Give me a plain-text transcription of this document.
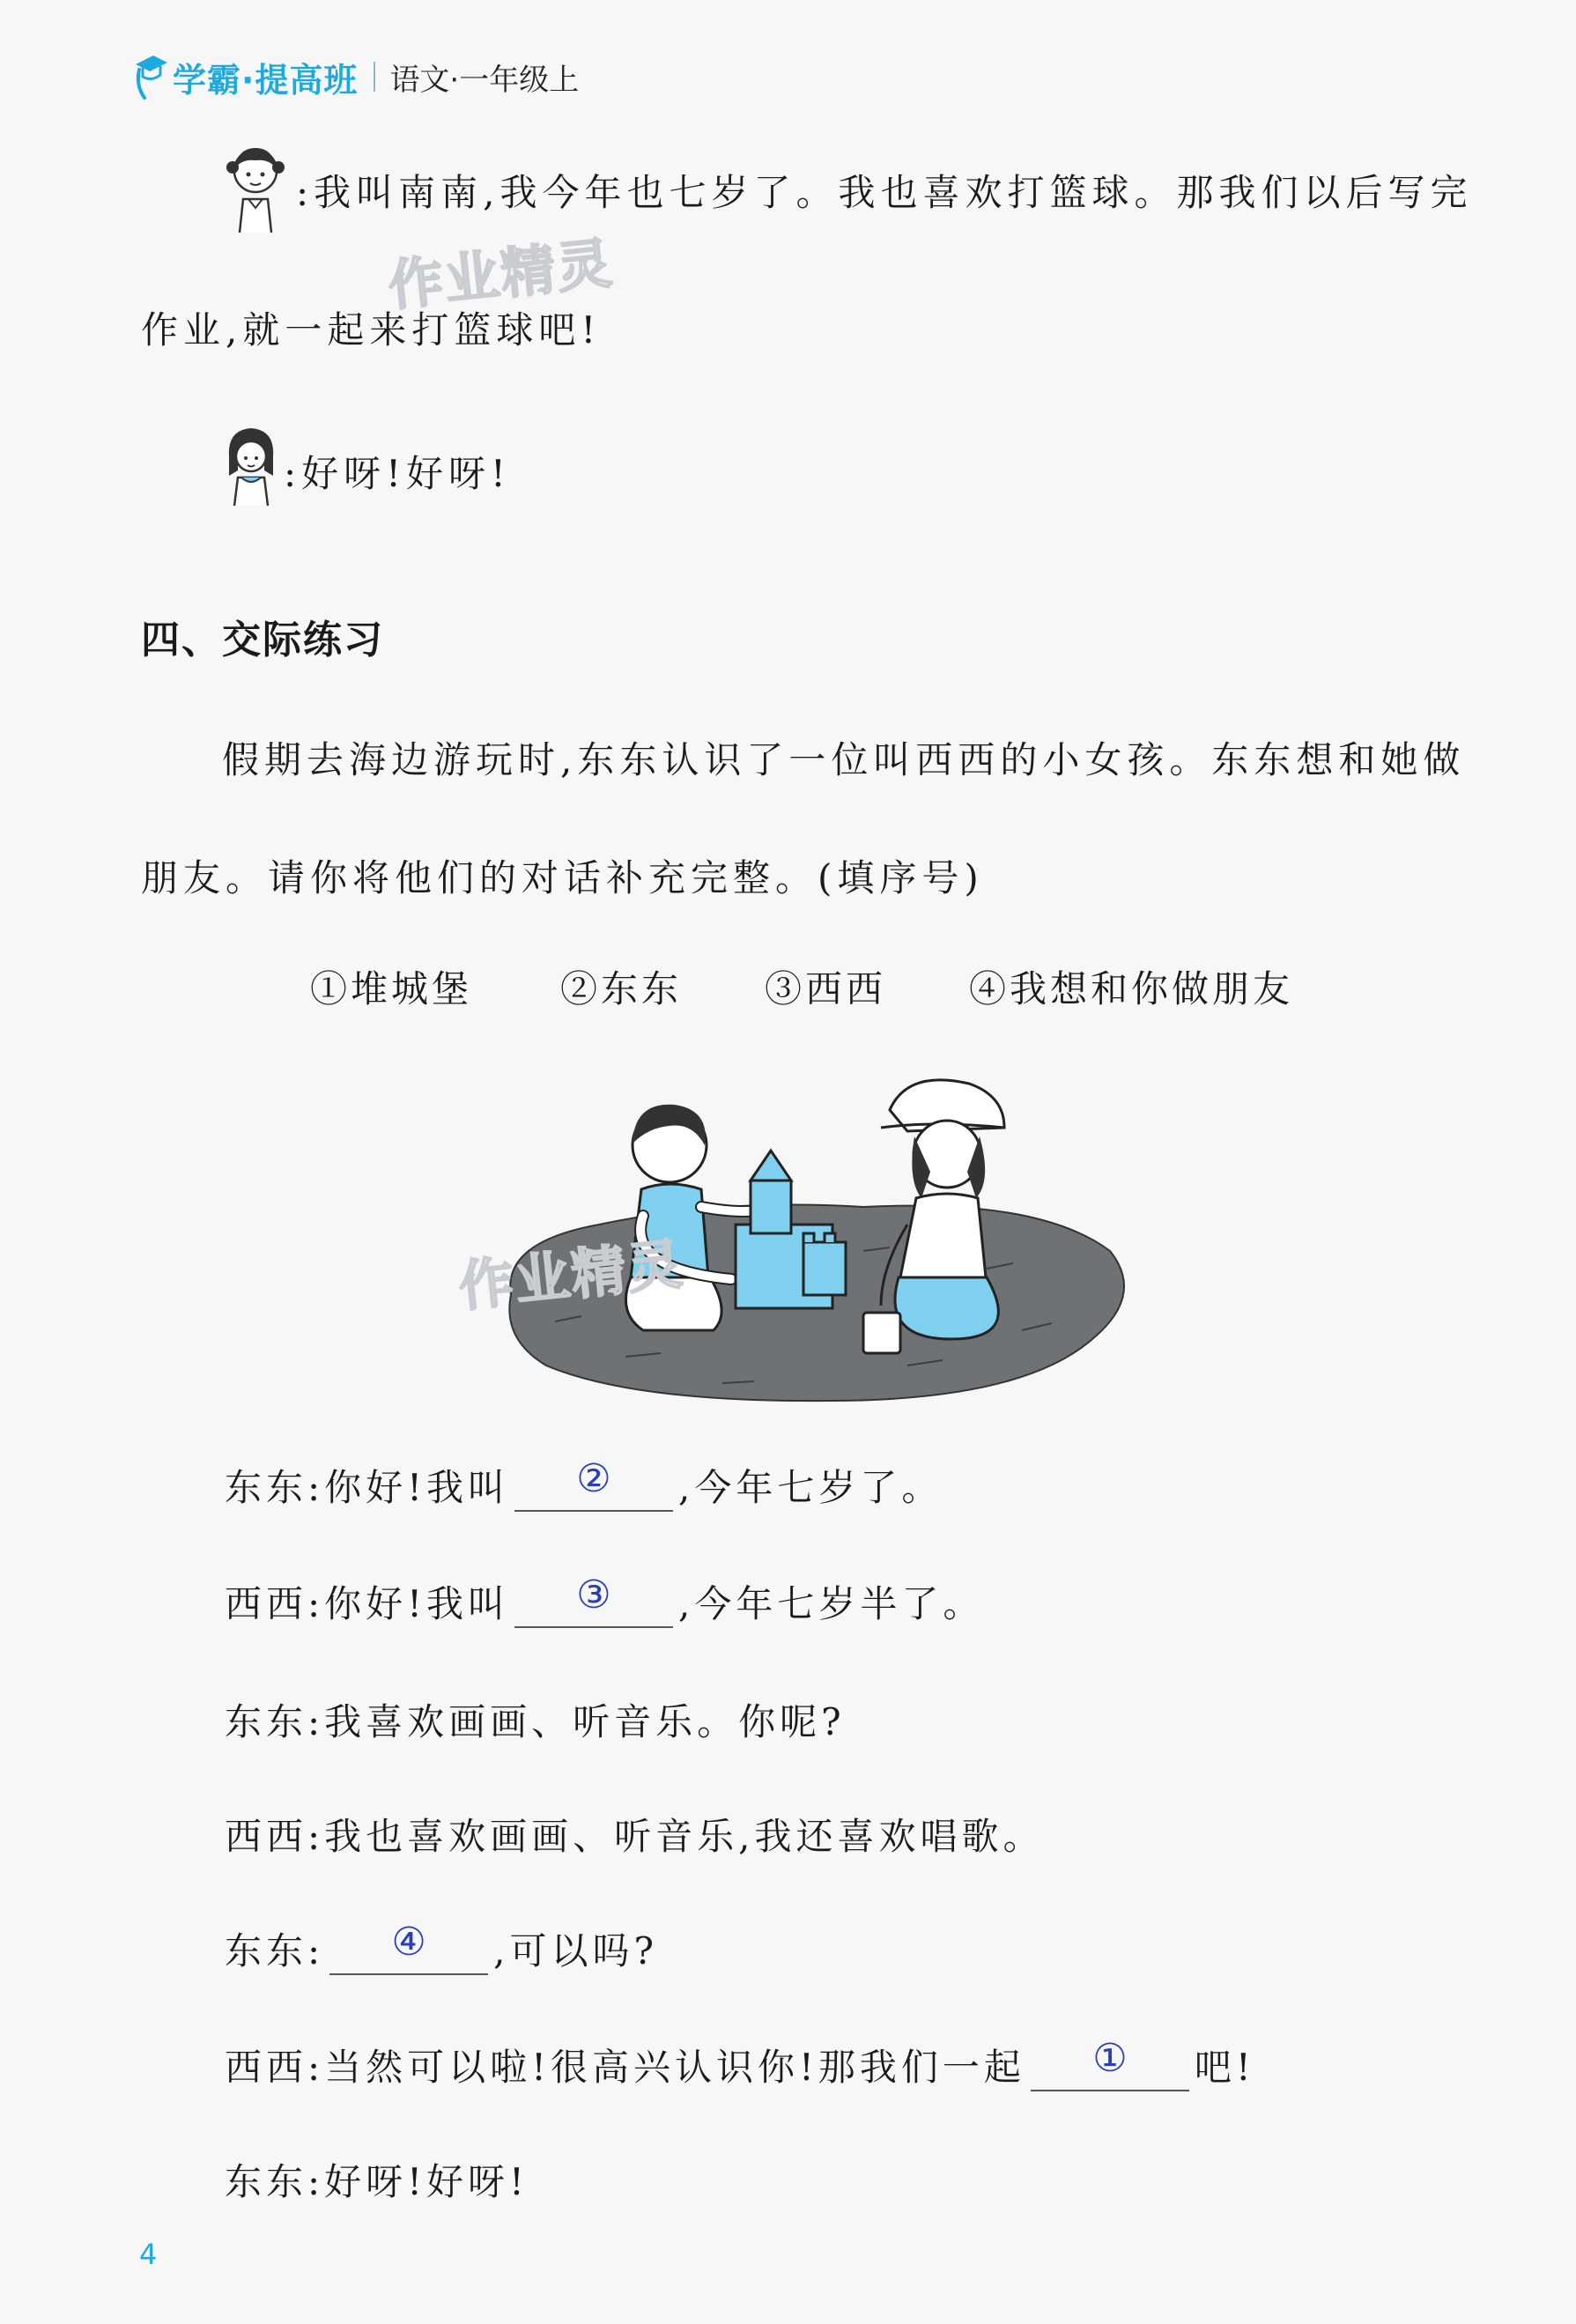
学霸·提高班 语文·一年级上
作业精灵
:我叫南南,我今年也七岁了。我也喜欢打篮球。那我们以后写完
作业,就一起来打篮球吧!
:好呀!好呀!
四、交际练习
假期去海边游玩时,东东认识了一位叫西西的小女孩。东东想和她做
朋友。请你将他们的对话补充完整。(填序号)
①堆城堡 ②东东 ③西西 ④我想和你做朋友
作业精灵
东东:你好!我叫	②	,今年七岁了。
西西:你好!我叫	③	,今年七岁半了。
东东:我喜欢画画、听音乐。你呢?
西西:我也喜欢画画、听音乐,我还喜欢唱歌。
东东:	④	,可以吗?
西西:当然可以啦!很高兴认识你!那我们一起	①	吧!
东东:好呀!好呀!
4
